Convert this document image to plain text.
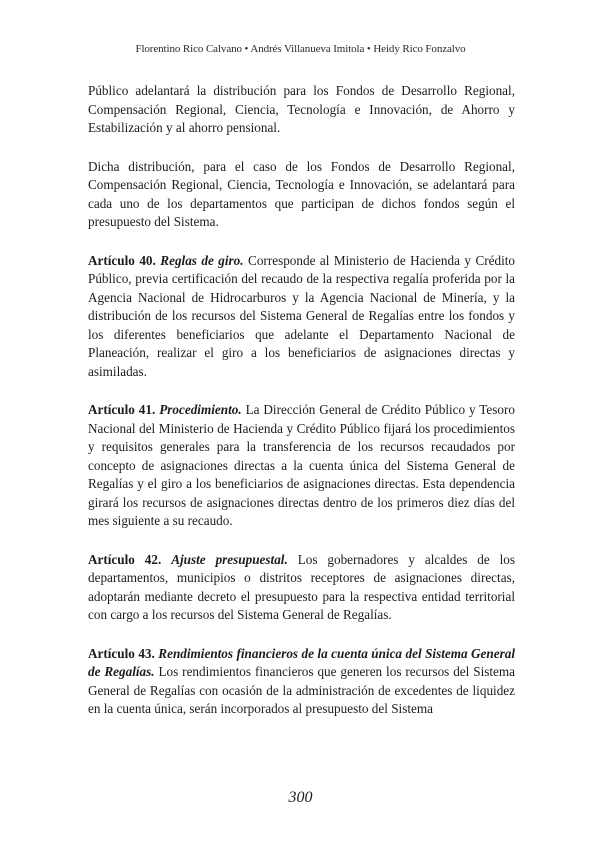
Florentino Rico Calvano • Andrés Villanueva Imitola • Heidy Rico Fonzalvo

Público adelantará la distribución para los Fondos de Desarrollo Regional, Compensación Regional, Ciencia, Tecnología e Innovación, de Ahorro y Estabilización y al ahorro pensional.

Dicha distribución, para el caso de los Fondos de Desarrollo Regional, Compensación Regional, Ciencia, Tecnología e Innovación, se adelantará para cada uno de los departamentos que participan de dichos fondos según el presupuesto del Sistema.

Artículo 40. Reglas de giro. Corresponde al Ministerio de Hacienda y Crédito Público, previa certificación del recaudo de la respectiva regalía proferida por la Agencia Nacional de Hidrocarburos y la Agencia Nacional de Minería, y la distribución de los recursos del Sistema General de Regalías entre los fondos y los diferentes beneficiarios que adelante el Departamento Nacional de Planeación, realizar el giro a los beneficiarios de asignaciones directas y asimiladas.

Artículo 41. Procedimiento. La Dirección General de Crédito Público y Tesoro Nacional del Ministerio de Hacienda y Crédito Público fijará los procedimientos y requisitos generales para la transferencia de los recursos recaudados por concepto de asignaciones directas a la cuenta única del Sistema General de Regalías y el giro a los beneficiarios de asignaciones directas. Esta dependencia girará los recursos de asignaciones directas dentro de los primeros diez días del mes siguiente a su recaudo.

Artículo 42. Ajuste presupuestal. Los gobernadores y alcaldes de los departamentos, municipios o distritos receptores de asignaciones directas, adoptarán mediante decreto el presupuesto para la respectiva entidad territorial con cargo a los recursos del Sistema General de Regalías.

Artículo 43. Rendimientos financieros de la cuenta única del Sistema General de Regalías. Los rendimientos financieros que generen los recursos del Sistema General de Regalías con ocasión de la administración de excedentes de liquidez en la cuenta única, serán incorporados al presupuesto del Sistema

300
